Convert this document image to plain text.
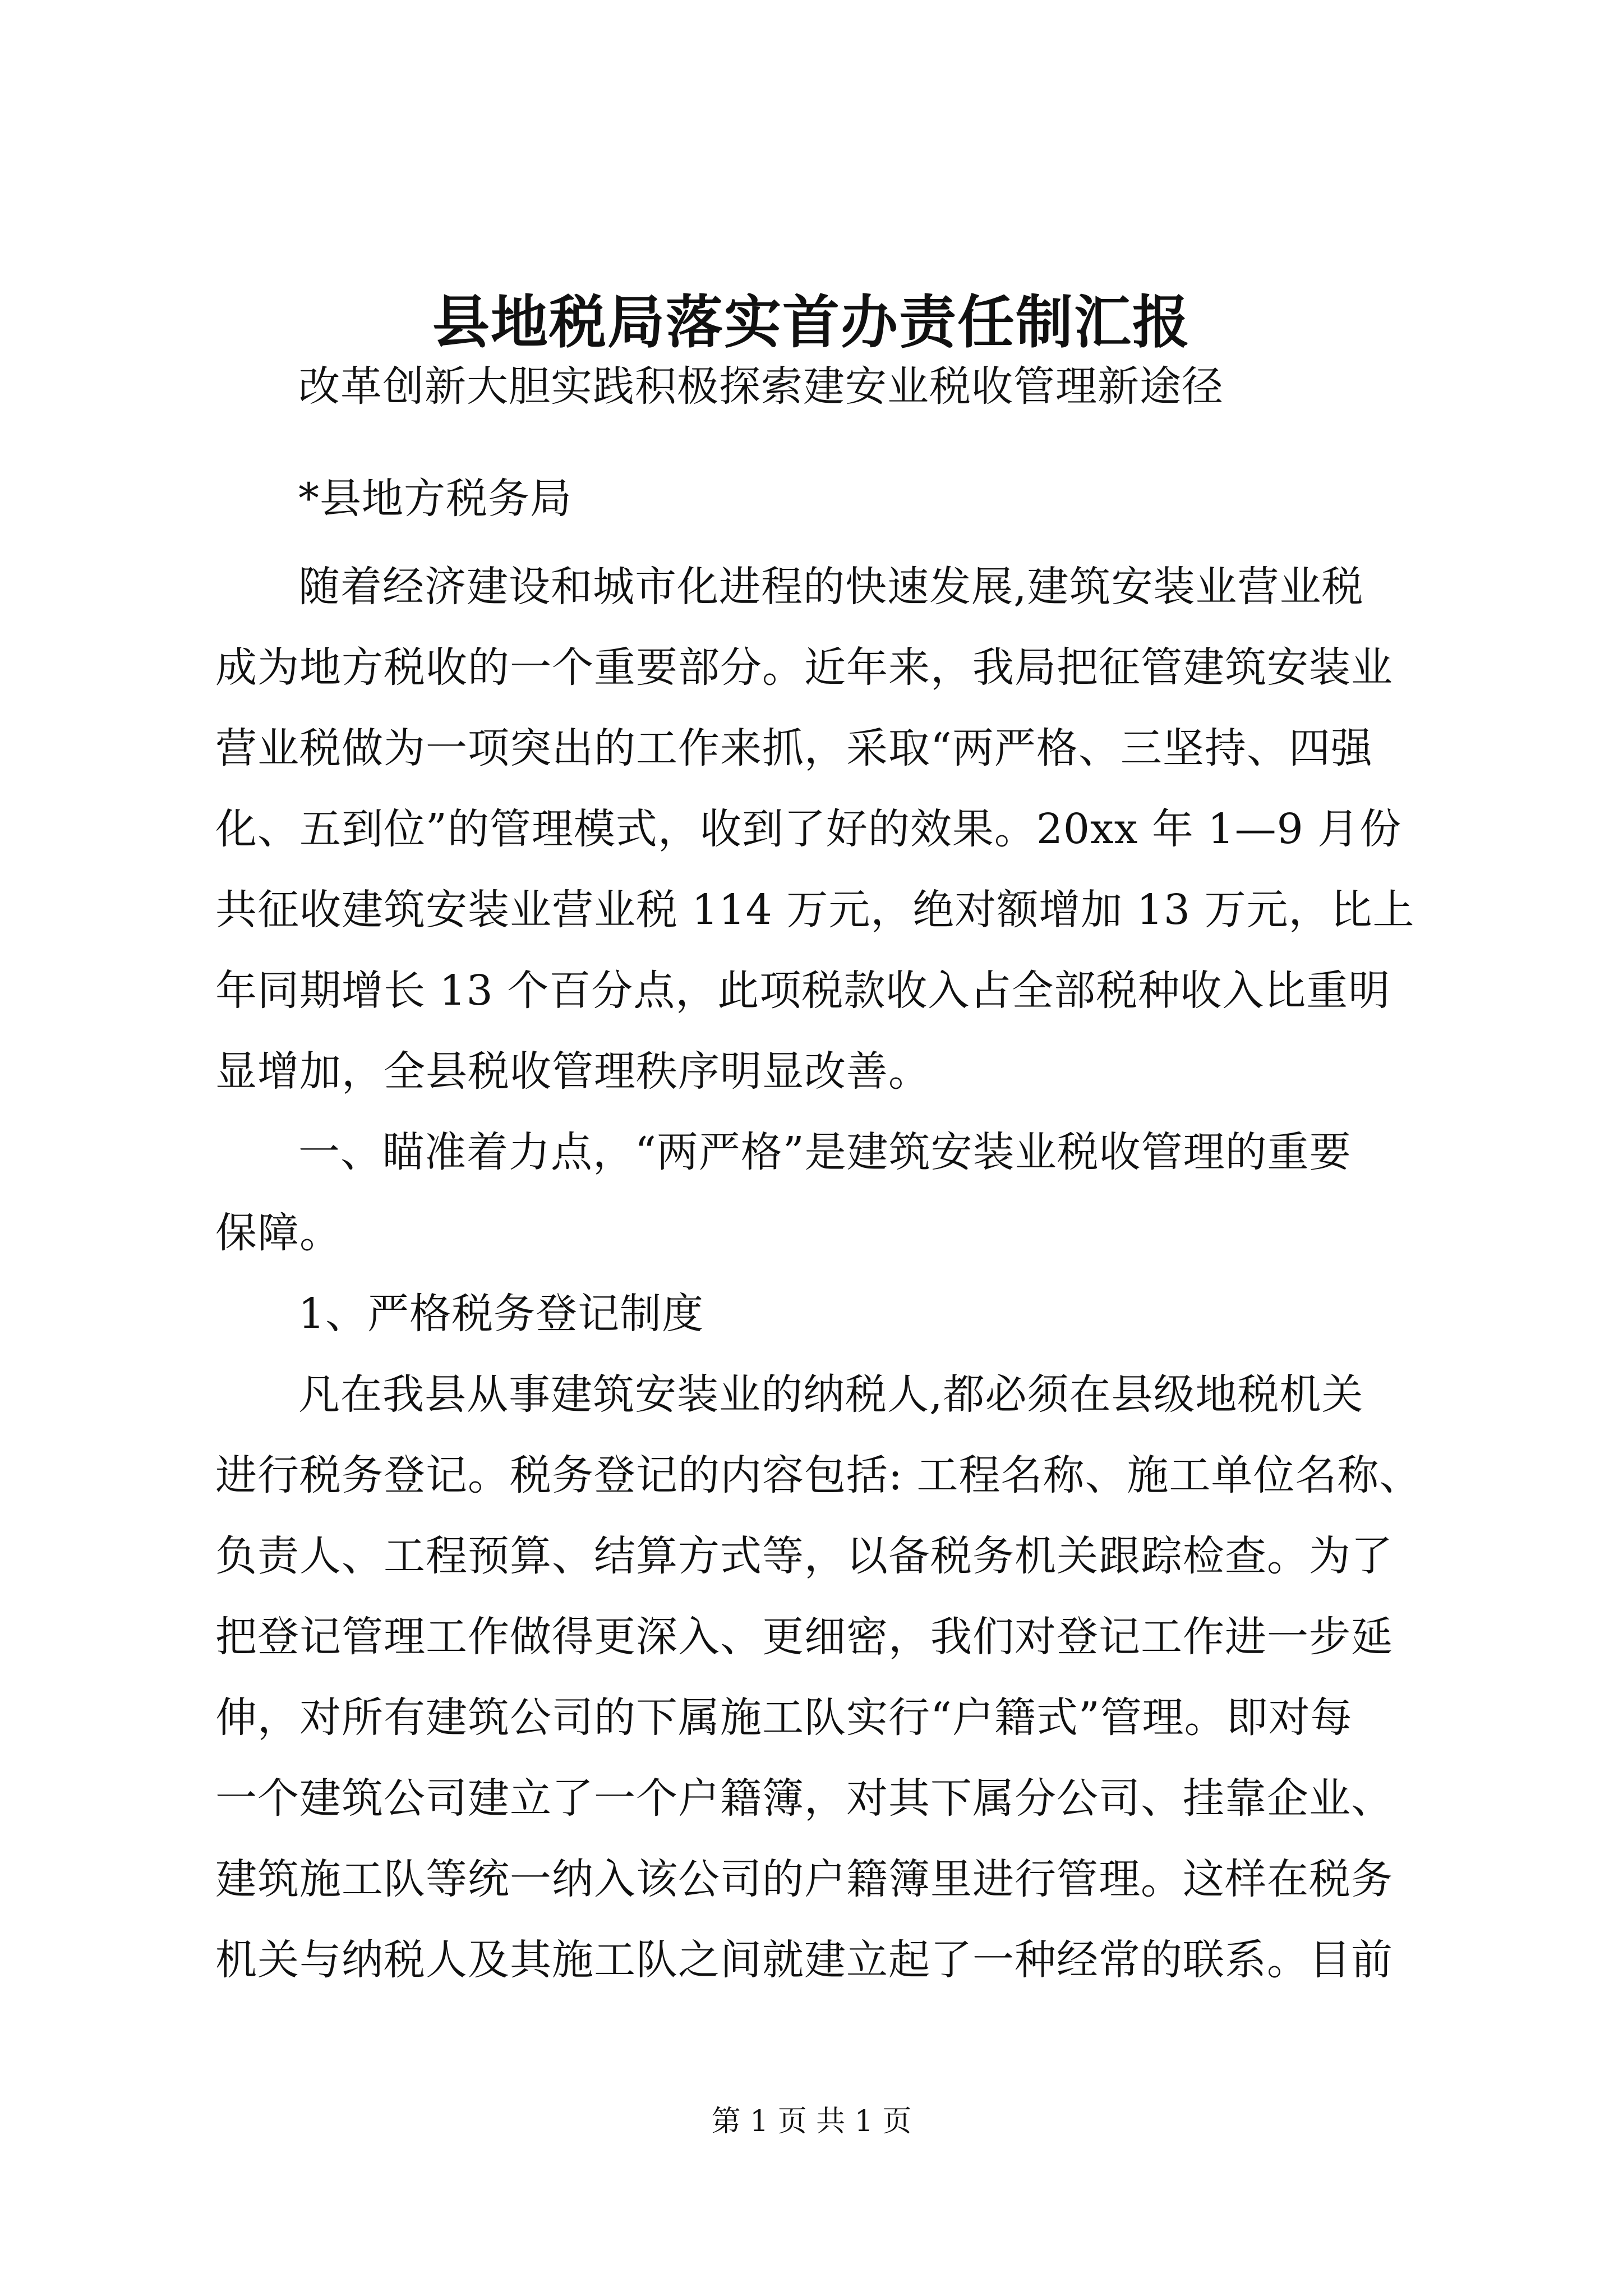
县地税局落实首办责任制汇报
改革创新大胆实践积极探索建安业税收管理新途径
*县地方税务局
随着经济建设和城市化进程的快速发展,建筑安装业营业税
成为地方税收的一个重要部分。近年来，我局把征管建筑安装业
营业税做为一项突出的工作来抓，采取“两严格、三坚持、四强
化、五到位”的管理模式，收到了好的效果。20xx 年 1—9 月份
共征收建筑安装业营业税 114 万元，绝对额增加 13 万元，比上
年同期增长 13 个百分点，此项税款收入占全部税种收入比重明
显增加，全县税收管理秩序明显改善。
一、瞄准着力点，“两严格”是建筑安装业税收管理的重要
保障。
1、严格税务登记制度
凡在我县从事建筑安装业的纳税人,都必须在县级地税机关
进行税务登记。税务登记的内容包括: 工程名称、施工单位名称、
负责人、工程预算、结算方式等，以备税务机关跟踪检查。为了
把登记管理工作做得更深入、更细密，我们对登记工作进一步延
伸，对所有建筑公司的下属施工队实行“户籍式”管理。即对每
一个建筑公司建立了一个户籍簿，对其下属分公司、挂靠企业、
建筑施工队等统一纳入该公司的户籍簿里进行管理。这样在税务
机关与纳税人及其施工队之间就建立起了一种经常的联系。目前
第 1 页 共 1 页
